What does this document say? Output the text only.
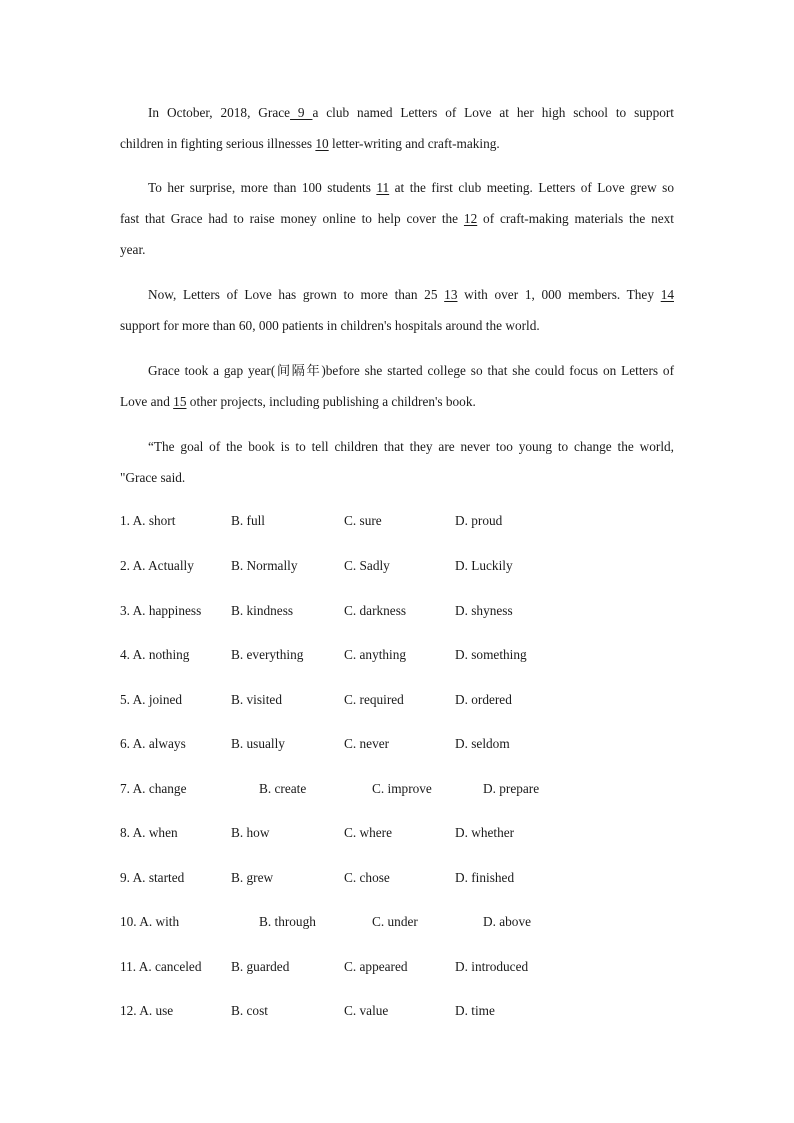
In October, 2018, Grace 9 a club named Letters of Love at her high school to support
children in fighting serious illnesses 10 letter-writing and craft-making.
To her surprise, more than 100 students 11 at the first club meeting. Letters of Love grew so
fast that Grace had to raise money online to help cover the 12 of craft-making materials the next
year.
Now, Letters of Love has grown to more than 25 13 with over 1, 000 members. They 14
support for more than 60, 000 patients in children's hospitals around the world.
Grace took a gap year(间隔年)before she started college so that she could focus on Letters of
Love and 15 other projects, including publishing a children's book.
“The goal of the book is to tell children that they are never too young to change the world,
"Grace said.
1. A. short	B. full	C. sure	D. proud
2. A. Actually	B. Normally	C. Sadly	D. Luckily
3. A. happiness B. kindness	C. darkness	D. shyness
4. A. nothing	B. everything	C. anything	D. something
5. A. joined	B. visited	C. required	D. ordered
6. A. always	B. usually	C. never	D. seldom
7. A. change	B. create	C. improve	D. prepare
8. A. when	B. how	C. where	D. whether
9. A. started	B. grew	C. chose	D. finished
10. A. with	B. through	C. under	D. above
11. A. canceled B. guarded	C. appeared	D. introduced
12. A. use	B. cost	C. value	D. time
